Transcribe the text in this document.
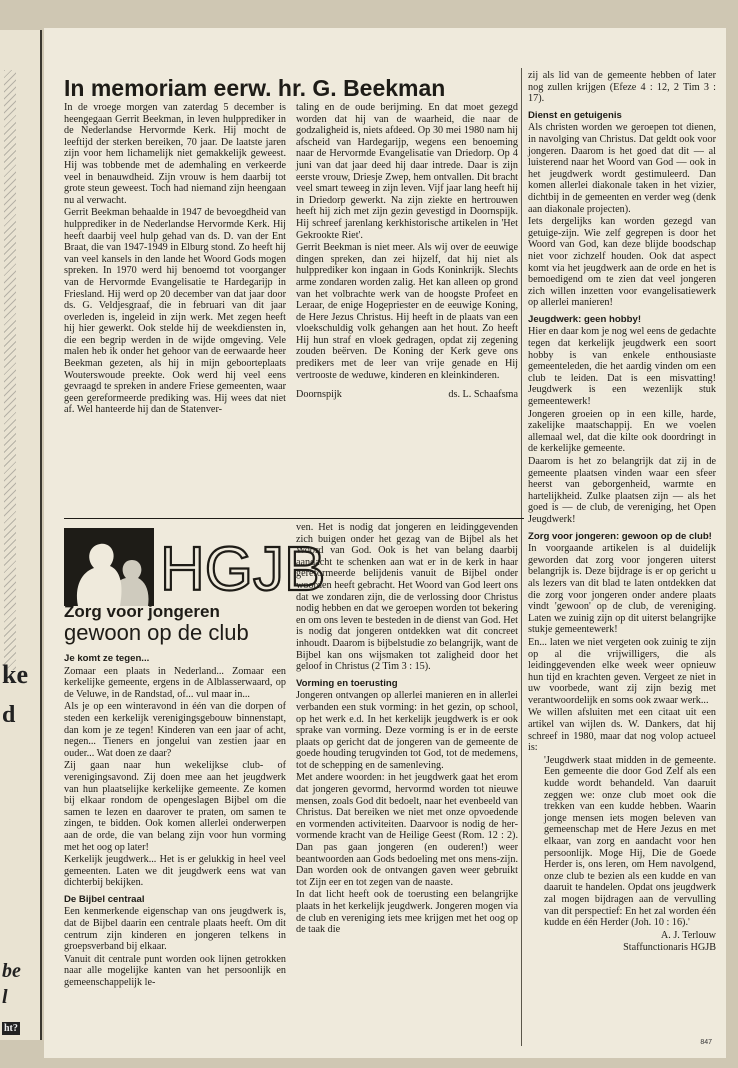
ke
d
be
l
ht?
In memoriam eerw. hr. G. Beekman

In de vroege morgen van zaterdag 5 december is heengegaan Gerrit Beekman, in leven hulpprediker in de Nederlandse Hervormde Kerk. Hij mocht de leeftijd der sterken bereiken, 70 jaar. De laatste jaren zijn voor hem lichamelijk niet gemakkelijk geweest. Hij was tobbende met de ademhaling en verkeerde veel in benauwdheid. Zijn vrouw is hem daarbij tot grote steun geweest. Toch had niemand zijn heengaan nu al verwacht.

Gerrit Beekman behaalde in 1947 de bevoegdheid van hulpprediker in de Nederlandse Hervormde Kerk. Hij heeft daarbij veel hulp gehad van ds. D. van der Ent Braat, die van 1947-1949 in Elburg stond. Zo heeft hij van veel kansels in den lande het Woord Gods mogen spreken. In 1970 werd hij benoemd tot voorganger van de Hervormde Evangelisatie te Hardegarijp in Friesland. Hij werd op 20 december van dat jaar door ds. G. Veldjesgraaf, die in februari van dit jaar overleden is, ingeleid in zijn werk. Met zegen heeft hij hier gewerkt. Ook stelde hij de weekdiensten in, die een begrip werden in de wijde omgeving. Vele malen heb ik onder het gehoor van de eerwaarde heer Beekman gezeten, als hij in mijn geboorteplaats Wouterswoude preekte. Ook werd hij veel eens gevraagd te spreken in andere Friese gemeenten, waar geen gereformeerde prediking was. Hij wees dat niet af. Wel hanteerde hij dan de Statenver-

taling en de oude berijming. En dat moet gezegd worden dat hij van de waarheid, die naar de godzaligheid is, niets afdeed. Op 30 mei 1980 nam hij afscheid van Hardegarijp, wegens een benoeming naar de Hervormde Evangelisatie van Driedorp. Op 4 juni van dat jaar deed hij daar intrede. Daar is zijn eerste vrouw, Driesje Zwep, hem ontvallen. Dit bracht veel smart teweeg in zijn leven. Vijf jaar lang heeft hij in Driedorp gewerkt. Na zijn ziekte en hertrouwen heeft hij zich met zijn gezin gevestigd in Doornspijk. Hij schreef jarenlang kerkhistorische artikelen in 'Het Gekrookte Riet'.

Gerrit Beekman is niet meer. Als wij over de eeuwige dingen spreken, dan zei hijzelf, dat hij niet als hulpprediker kon ingaan in Gods Koninkrijk. Slechts arme zondaren worden zalig. Het kan alleen op grond van het volbrachte werk van de hoogste Profeet en Leraar, de enige Hogepriester en de eeuwige Koning, de Here Jezus Christus. Hij heeft in de plaats van een vloekschuldig volk gehangen aan het hout. Zo heeft Hij hun straf en vloek gedragen, opdat zij zegening zouden beërven. De Koning der Kerk geve ons predikers met de leer van vrije genade en Hij vertrooste de weduwe, kinderen en kleinkinderen.

Doornspijk	ds. L. Schaafsma

HGJB
Zorg voor jongeren
gewoon op de club

Je komt ze tegen...

Zomaar een plaats in Nederland... Zomaar een kerkelijke gemeente, ergens in de Alblasserwaard, op de Veluwe, in de Randstad, of... vul maar in...

Als je op een winteravond in één van die dorpen of steden een kerkelijk verenigingsgebouw binnenstapt, dan kom je ze tegen! Kinderen van een jaar of acht, negen... Tieners en jongelui van zestien jaar en ouder... Wat doen ze daar?

Zij gaan naar hun wekelijkse club- of verenigingsavond. Zij doen mee aan het jeugdwerk van hun plaatselijke kerkelijke gemeente. Ze komen bij elkaar rondom de opengeslagen Bijbel om die samen te lezen en daarover te praten, om samen te zingen, te bidden. Ook komen allerlei onderwerpen aan de orde, die van belang zijn voor hun vorming met het oog op later!

Kerkelijk jeugdwerk... Het is er gelukkig in heel veel gemeenten. Laten we dit jeugdwerk eens wat van dichterbij bekijken.

De Bijbel centraal

Een kenmerkende eigenschap van ons jeugdwerk is, dat de Bijbel daarin een centrale plaats heeft. Om dit centrum zijn kinderen en jongeren telkens in groepsverband bij elkaar.

Vanuit dit centrale punt worden ook lijnen getrokken naar alle mogelijke kanten van het persoonlijk en gemeenschappelijk le-

ven. Het is nodig dat jongeren en leidinggevenden zich buigen onder het gezag van de Bijbel als het Woord van God. Ook is het van belang daarbij aandacht te schenken aan wat er in de kerk in haar gereformeerde belijdenis vanuit de Bijbel onder woorden heeft gebracht. Het Woord van God leert ons dat we zondaren zijn, die de verlossing door Christus nodig hebben en dat we geroepen worden tot bekering en om ons leven te besteden in de dienst van God. Het is nodig dat jongeren ontdekken wat dit concreet inhoudt. Daarom is bijbelstudie zo belangrijk, want de Bijbel kan ons wijsmaken tot zaligheid door het geloof in Christus (2 Tim 3 : 15).

Vorming en toerusting

Jongeren ontvangen op allerlei manieren en in allerlei verbanden een stuk vorming: in het gezin, op school, op het werk e.d. In het kerkelijk jeugdwerk is er ook sprake van vorming. Deze vorming is er in de eerste plaats op gericht dat de jongeren van de gemeente de goede houding terugvinden tot God, tot de medemens, tot de schepping en de samenleving.

Met andere woorden: in het jeugdwerk gaat het erom dat jongeren gevormd, hervormd worden tot nieuwe mensen, zoals God dit bedoelt, naar het evenbeeld van Christus. Dat bereiken we niet met onze opvoedende en vormenden activiteiten. Daarvoor is nodig de her-vormende kracht van de Heilige Geest (Rom. 12 : 2). Dan pas gaan jongeren (en ouderen!) weer beantwoorden aan Gods bedoeling met ons mens-zijn. Dan worden ook de ontvangen gaven weer gebruikt tot Zijn eer en tot zegen van de naaste.

In dat licht heeft ook de toerusting een belangrijke plaats in het kerkelijk jeugdwerk. Jongeren mogen via de club en vereniging iets mee krijgen met het oog op de taak die

zij als lid van de gemeente hebben of later nog zullen krijgen (Efeze 4 : 12, 2 Tim 3 : 17).

Dienst en getuigenis

Als christen worden we geroepen tot dienen, in navolging van Christus. Dat geldt ook voor jongeren. Daarom is het goed dat dit — al luisterend naar het Woord van God — ook in het jeugdwerk wordt gestimuleerd. Dan komen allerlei diakonale taken in het vizier, dichtbij in de gemeenten en verder weg (denk aan diakonale projecten).

Iets dergelijks kan worden gezegd van getuige-zijn. Wie zelf gegrepen is door het Woord van God, kan deze blijde boodschap niet voor zichzelf houden. Ook dat aspect komt via het jeugdwerk aan de orde en het is bemoedigend om te zien dat veel jongeren zich willen inzetten voor evangelisatiewerk op allerlei manieren!

Jeugdwerk: geen hobby!

Hier en daar kom je nog wel eens de gedachte tegen dat kerkelijk jeugdwerk een soort hobby is van enkele enthousiaste gemeenteleden, die het aardig vinden om een club te leiden. Dat is een misvatting! Jeugdwerk is een wezenlijk stuk gemeentewerk!

Jongeren groeien op in een kille, harde, zakelijke maatschappij. En we voelen allemaal wel, dat die kilte ook doordringt in de kerkelijke gemeente.

Daarom is het zo belangrijk dat zij in de gemeente plaatsen vinden waar een sfeer heerst van geborgenheid, warmte en hartelijkheid. Zulke plaatsen zijn — als het goed is — de club, de vereniging, het Open Jeugdwerk!

Zorg voor jongeren: gewoon op de club!

In voorgaande artikelen is al duidelijk geworden dat zorg voor jongeren uiterst belangrijk is. Deze bijdrage is er op gericht u als lezers van dit blad te laten ontdekken dat die zorg voor jongeren onder andere plaats vindt 'gewoon' op de club, de vereniging. Laten we zuinig zijn op dit uiterst belangrijke stukje gemeentewerk!

En... laten we niet vergeten ook zuinig te zijn op al die vrijwilligers, die als leidinggevenden elke week weer opnieuw hun tijd en krachten geven. Vergeet ze niet in uw voorbede, want zij zijn bezig met verantwoordelijk en soms ook zwaar werk...

We willen afsluiten met een citaat uit een artikel van wijlen ds. W. Dankers, dat hij schreef in 1980, maar dat nog volop actueel is:

'Jeugdwerk staat midden in de gemeente. Een gemeente die door God Zelf als een kudde wordt behandeld. Van daaruit zeggen we: onze club moet ook die trekken van een kudde hebben. Waarin jonge mensen iets mogen beleven van gemeenschap met de Here Jezus en met elkaar, van zorg en aandacht voor hen persoonlijk. Moge Hij, Die de Goede Herder is, ons leren, om Hem navolgend, onze club te bezien als een kudde en van daaruit te handelen. Opdat ons jeugdwerk zal mogen bijdragen aan de vervulling van dit perspectief: En het zal worden één kudde en één Herder (Joh. 10 : 16).'

A. J. Terlouw

Staffunctionaris HGJB

847
